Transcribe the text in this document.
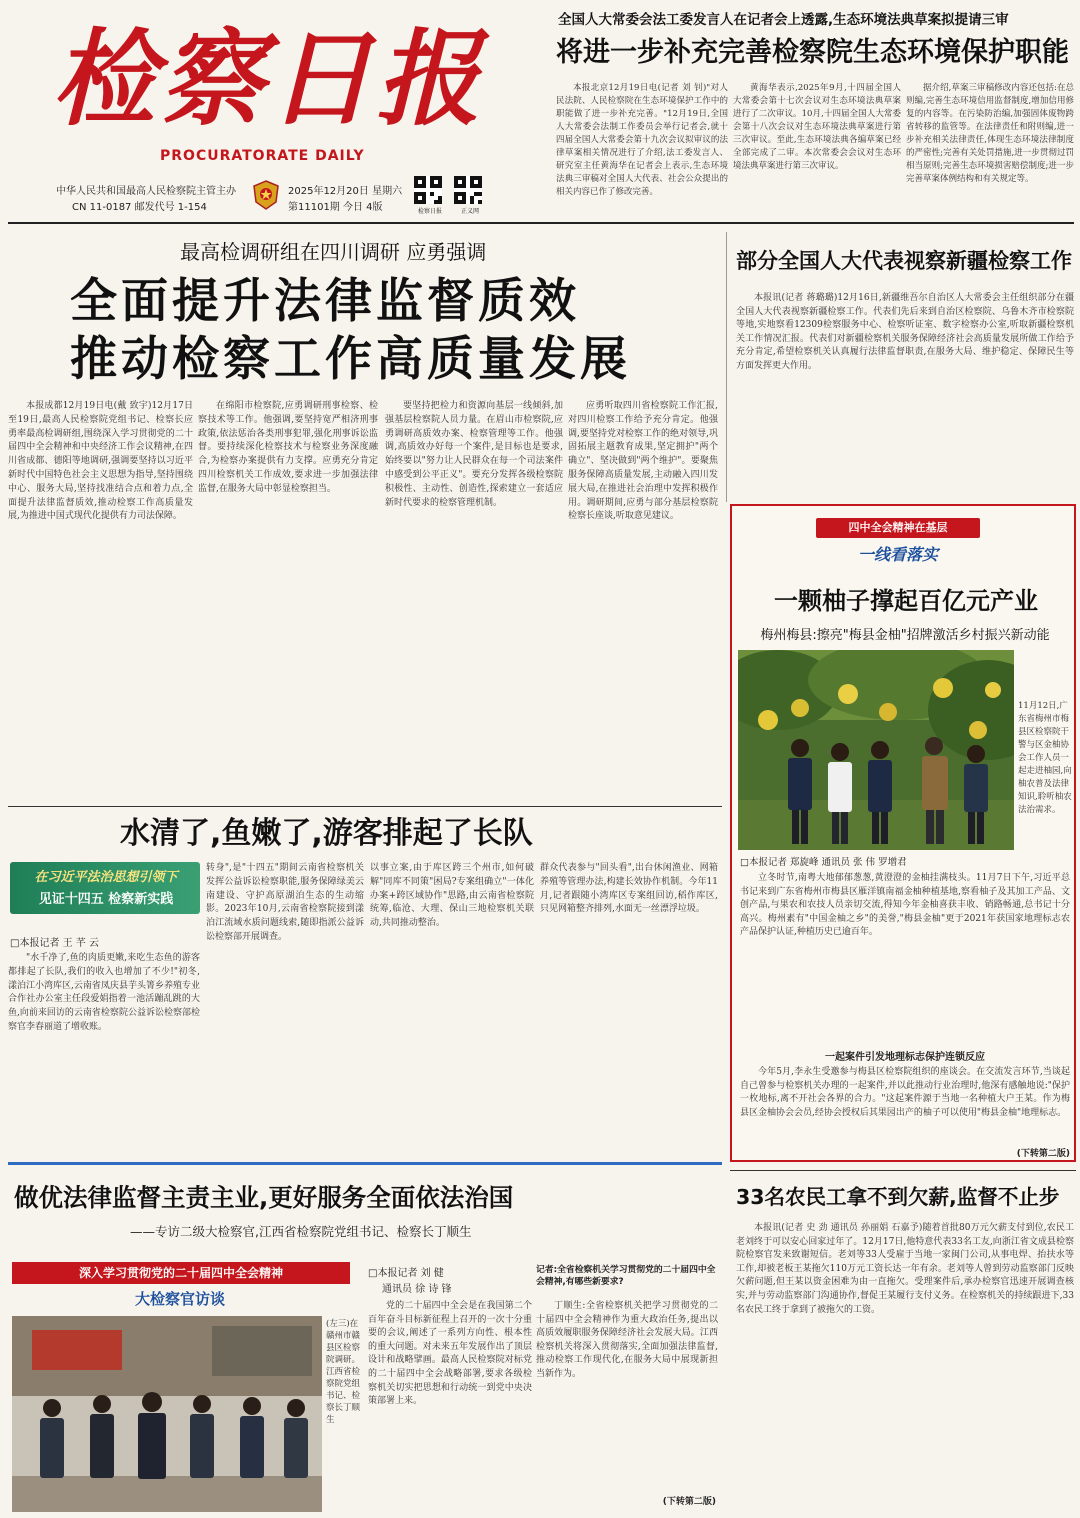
检察日报
PROCURATORATE DAILY
中华人民共和国最高人民检察院主管主办
CN 11-0187 邮发代号 1-154
2025年12月20日 星期六
第11101期 今日 4版	检察日报	正义网
全国人大常委会法工委发言人在记者会上透露,生态环境法典草案拟提请三审
将进一步补充完善检察院生态环境保护职能
本报北京12月19日电(记者 刘 钊)"对人民法院、人民检察院在生态环境保护工作中的职能做了进一步补充完善。"12月19日,全国人大常委会法制工作委员会举行记者会,就十四届全国人大常委会第十九次会议拟审议的法律草案相关情况进行了介绍,法工委发言人、研究室主任黄海华在记者会上表示,生态环境法典三审稿对全国人大代表、社会公众提出的相关内容已作了修改完善。
黄海华表示,2025年9月,十四届全国人大常委会第十七次会议对生态环境法典草案进行了二次审议。10月,十四届全国人大常委会第十八次会议对生态环境法典草案进行第三次审议。至此,生态环境法典各编草案已经全部完成了二审。本次常委会会议对生态环境法典草案进行第三次审议。
据介绍,草案三审稿修改内容还包括:在总则编,完善生态环境信用监督制度,增加信用修复的内容等。在污染防治编,加强固体废物跨省转移的监管等。在法律责任和附则编,进一步补充相关法律责任,体现生态环境法律制度的严密性;完善有关处罚措施,进一步贯彻过罚相当原则;完善生态环境损害赔偿制度;进一步完善草案体例结构和有关规定等。
最高检调研组在四川调研 应勇强调
全面提升法律监督质效
推动检察工作高质量发展
本报成都12月19日电(戴 致宇)12月17日至19日,最高人民检察院党组书记、检察长应勇率最高检调研组,围绕深入学习贯彻党的二十届四中全会精神和中央经济工作会议精神,在四川省成都、德阳等地调研,强调要坚持以习近平新时代中国特色社会主义思想为指导,坚持围绕中心、服务大局,坚持找准结合点和着力点,全面提升法律监督质效,推动检察工作高质量发展,为推进中国式现代化提供有力司法保障。
在绵阳市检察院,应勇调研刑事检察、检察技术等工作。他强调,要坚持宽严相济刑事政策,依法惩治各类刑事犯罪,强化刑事诉讼监督。要持续深化检察技术与检察业务深度融合,为检察办案提供有力支撑。应勇充分肯定四川检察机关工作成效,要求进一步加强法律监督,在服务大局中彰显检察担当。
要坚持把检力和资源向基层一线倾斜,加强基层检察院人员力量。在眉山市检察院,应勇调研高质效办案、检察管理等工作。他强调,高质效办好每一个案件,是目标也是要求,始终要以"努力让人民群众在每一个司法案件中感受到公平正义"。要充分发挥各级检察院积极性、主动性、创造性,探索建立一套适应新时代要求的检察管理机制。
应勇听取四川省检察院工作汇报,对四川检察工作给予充分肯定。他强调,要坚持党对检察工作的绝对领导,巩固拓展主题教育成果,坚定拥护"两个确立"、坚决做到"两个维护"。要聚焦服务保障高质量发展,主动融入四川发展大局,在推进社会治理中发挥积极作用。调研期间,应勇与部分基层检察院检察长座谈,听取意见建议。
部分全国人大代表视察新疆检察工作
本报讯(记者 蒋璐璐)12月16日,新疆维吾尔自治区人大常委会主任组织部分在疆全国人大代表视察新疆检察工作。代表们先后来到自治区检察院、乌鲁木齐市检察院等地,实地察看12309检察服务中心、检察听证室、数字检察办公室,听取新疆检察机关工作情况汇报。代表们对新疆检察机关服务保障经济社会高质量发展所做工作给予充分肯定,希望检察机关认真履行法律监督职责,在服务大局、维护稳定、保障民生等方面发挥更大作用。
四中全会精神在基层
一线看落实
一颗柚子撑起百亿元产业
梅州梅县:擦亮"梅县金柚"招牌激活乡村振兴新动能
11月12日,广东省梅州市梅县区检察院干警与区金柚协会工作人员一起走进柚园,向柚农普及法律知识,聆听柚农法治需求。
□本报记者 郑旋峰 通讯员 张 伟 罗增君
立冬时节,南粤大地郁郁葱葱,黄澄澄的金柚挂满枝头。11月7日下午,习近平总书记来到广东省梅州市梅县区雁洋镇南福金柚种植基地,察看柚子及其加工产品、文创产品,与果农和农技人员亲切交流,得知今年金柚喜获丰收、销路畅通,总书记十分高兴。梅州素有"中国金柚之乡"的美誉,"梅县金柚"更于2021年获国家地理标志农产品保护认证,种植历史已逾百年。
一起案件引发地理标志保护连锁反应
今年5月,李永生受邀参与梅县区检察院组织的座谈会。在交流发言环节,当谈起自己曾参与检察机关办理的一起案件,并以此推动行业治理时,他深有感触地说:"保护一枚地标,离不开社会各界的合力。"这起案件源于当地一名种植大户王某。作为梅县区金柚协会会员,经协会授权后其果园出产的柚子可以使用"梅县金柚"地理标志。
(下转第二版)
水清了,鱼嫩了,游客排起了长队
在习近平法治思想引领下
见证十四五 检察新实践
□本报记者 王 芊 云
"水千净了,鱼的肉质更嫩,来吃生态鱼的游客都排起了长队,我们的收入也增加了不少!"初冬,漾泊江小湾库区,云南省凤庆县芋头箐乡养殖专业合作社办公室主任段爱娟指着一池活蹦乱跳的大鱼,向前来回访的云南省检察院公益诉讼检察部检察官李春丽道了增收账。
转身",是"十四五"期间云南省检察机关发挥公益诉讼检察职能,服务保障绿美云南建设、守护高原湖泊生态的生动缩影。2023年10月,云南省检察院接到漾泊江流域水质问题线索,随即指派公益诉讼检察部开展调查。
以事立案,由于库区跨三个州市,如何破解"同库不同策"困局?专案组确立"一体化办案+跨区域协作"思路,由云南省检察院统筹,临沧、大理、保山三地检察机关联动,共同推动整治。
群众代表参与"回头看",出台休闲渔业、网箱养殖等管理办法,构建长效协作机制。今年11月,记者跟随小湾库区专案组回访,稻作库区,只见网箱整齐排列,水面无一丝漂浮垃圾。
做优法律监督主责主业,更好服务全面依法治国
——专访二级大检察官,江西省检察院党组书记、检察长丁顺生
深入学习贯彻党的二十届四中全会精神
大检察官访谈
(左三)在赣州市赣县区检察院调研。江西省检察院党组书记、检察长丁顺生
□本报记者 刘 健
通讯员 徐 诗 锋
记者:全省检察机关学习贯彻党的二十届四中全会精神,有哪些新要求?
党的二十届四中全会是在我国第二个百年奋斗目标新征程上召开的一次十分重要的会议,阐述了一系列方向性、根本性的重大问题。对未来五年发展作出了顶层设计和战略擘画。最高人民检察院对标党的二十届四中全会战略部署,要求各级检察机关切实把思想和行动统一到党中央决策部署上来。
丁顺生:全省检察机关把学习贯彻党的二十届四中全会精神作为重大政治任务,提出以高质效履职服务保障经济社会发展大局。江西检察机关将深入贯彻落实,全面加强法律监督,推动检察工作现代化,在服务大局中展现新担当新作为。
(下转第二版)
33名农民工拿不到欠薪,监督不止步
本报讯(记者 史 劲 通讯员 孙丽娟 石嘉予)随着首批80万元欠薪支付到位,农民工老刘终于可以安心回家过年了。12月17日,他特意代表33名工友,向浙江省文成县检察院检察官发来致谢短信。老刘等33人受雇于当地一家闽门公司,从事电焊、抬扶水等工作,却被老板王某拖欠110万元工资长达一年有余。老刘等人曾到劳动监察部门反映欠薪问题,但王某以资金困难为由一直拖欠。受理案件后,承办检察官迅速开展调查核实,并与劳动监察部门沟通协作,督促王某履行支付义务。在检察机关的持续跟进下,33名农民工终于拿到了被拖欠的工资。
